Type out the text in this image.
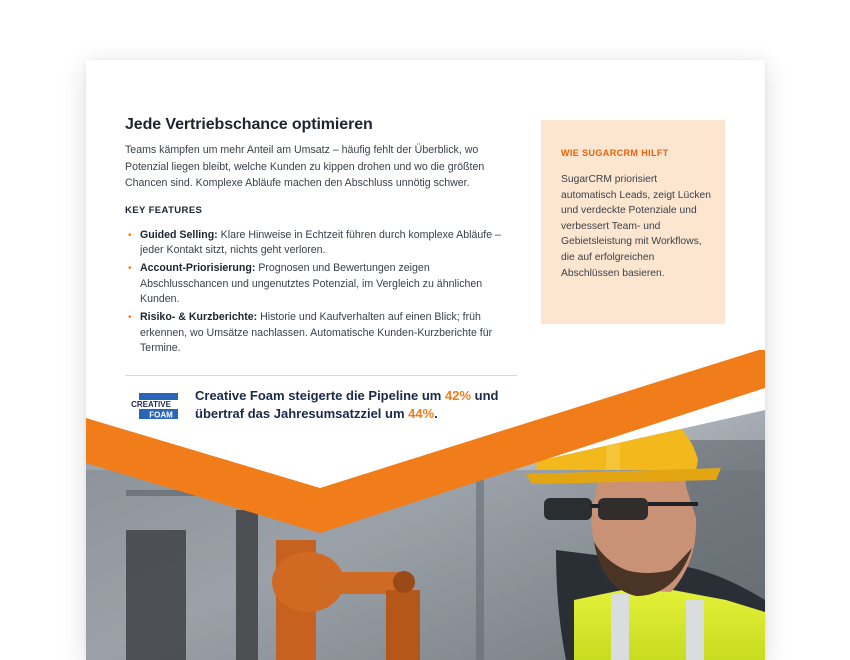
Jede Vertriebschance optimieren

Teams kämpfen um mehr Anteil am Umsatz – häufig fehlt der Überblick, wo Potenzial liegen bleibt, welche Kunden zu kippen drohen und wo die größten Chancen sind. Komplexe Abläufe machen den Abschluss unnötig schwer.

KEY FEATURES
• Guided Selling: Klare Hinweise in Echtzeit führen durch komplexe Abläufe – jeder Kontakt sitzt, nichts geht verloren.
• Account-Priorisierung: Prognosen und Bewertungen zeigen Abschlusschancen und ungenutztes Potenzial, im Vergleich zu ähnlichen Kunden.
• Risiko- & Kurzberichte: Historie und Kaufverhalten auf einen Blick; früh erkennen, wo Umsätze nachlassen. Automatische Kunden-Kurzberichte für Termine.
CREATIVE
FOAM
Creative Foam steigerte die Pipeline um 42% und übertraf das Jahresumsatzziel um 44%.
WIE SUGARCRM HILFT
SugarCRM priorisiert automatisch Leads, zeigt Lücken und verdeckte Potenziale und verbessert Team- und Gebietsleistung mit Workflows, die auf erfolgreichen Abschlüssen basieren.
